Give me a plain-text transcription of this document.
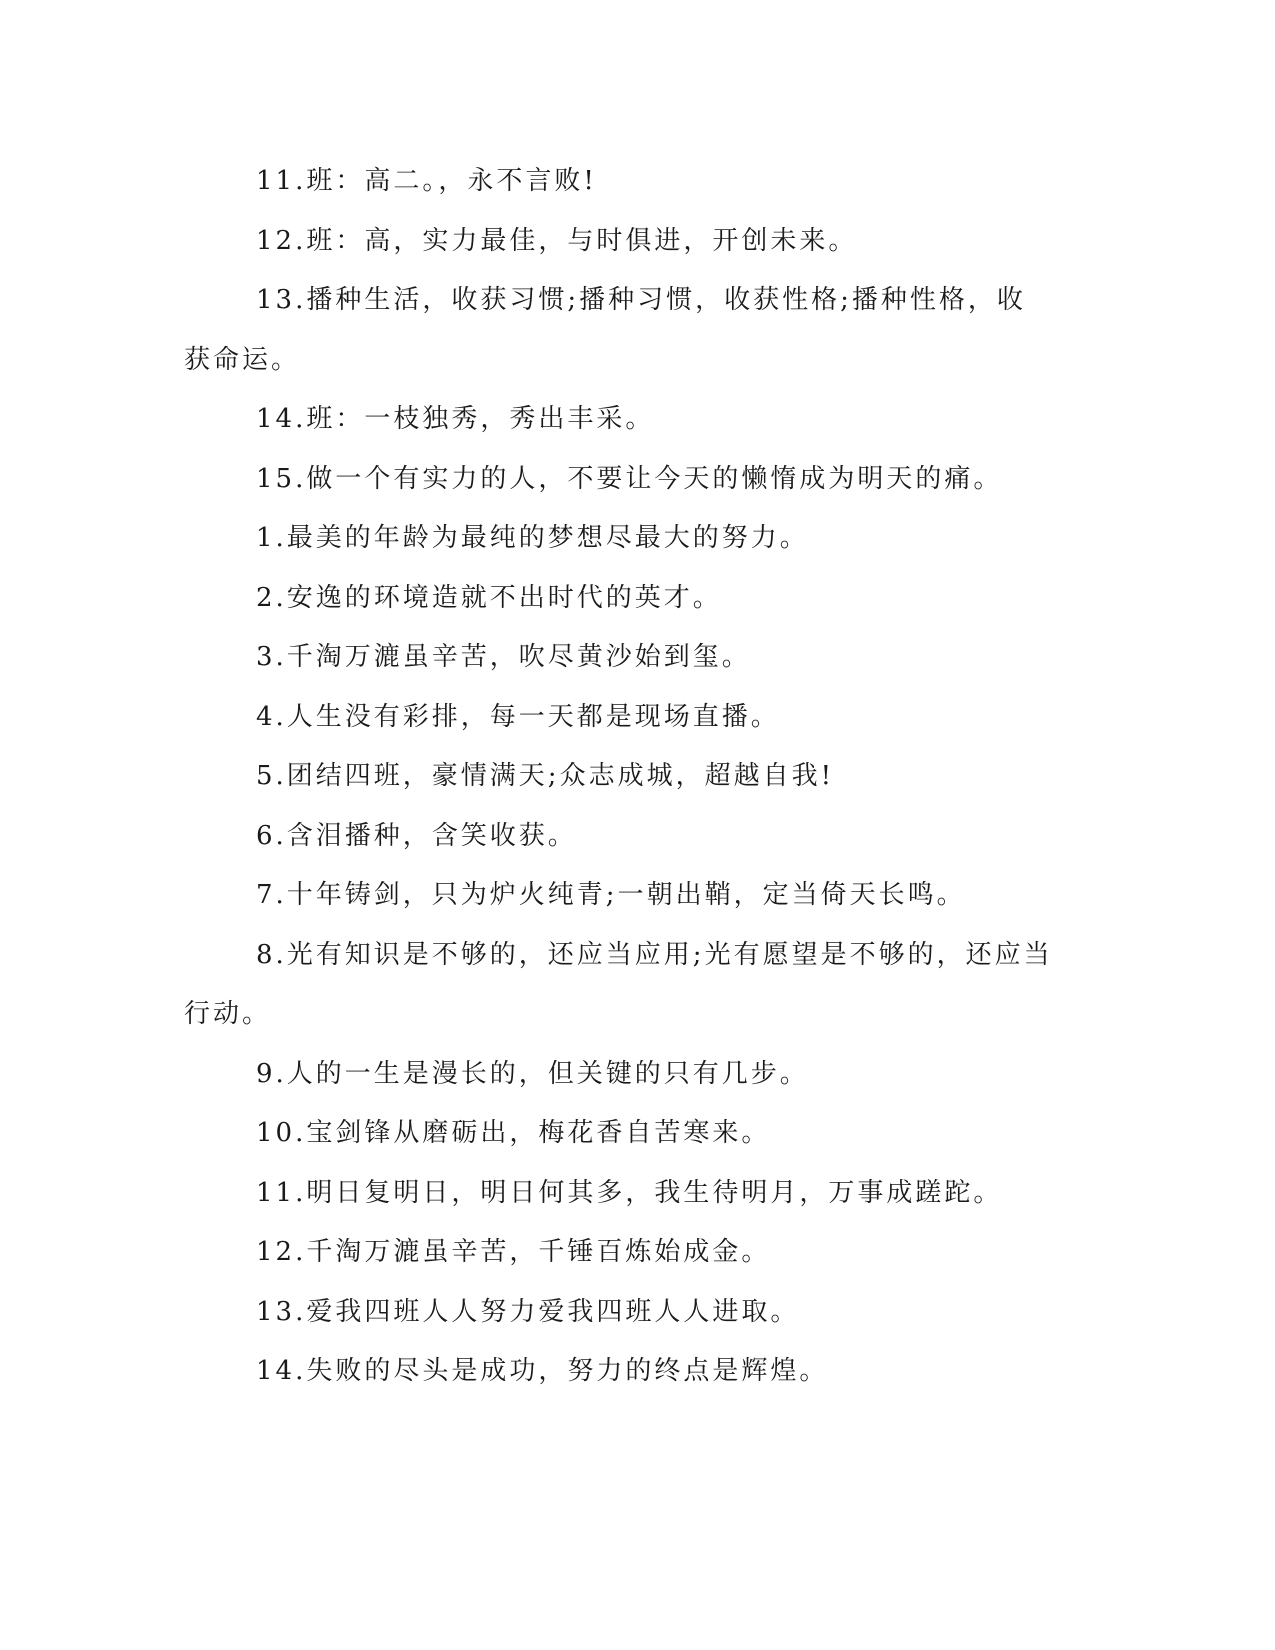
11.班：高二。，永不言败!

12.班：高，实力最佳，与时俱进，开创未来。

13.播种生活，收获习惯;播种习惯，收获性格;播种性格，收获命运。

14.班：一枝独秀，秀出丰采。

15.做一个有实力的人，不要让今天的懒惰成为明天的痛。

1.最美的年龄为最纯的梦想尽最大的努力。

2.安逸的环境造就不出时代的英才。

3.千淘万漉虽辛苦，吹尽黄沙始到玺。

4.人生没有彩排，每一天都是现场直播。

5.团结四班，豪情满天;众志成城，超越自我!

6.含泪播种，含笑收获。

7.十年铸剑，只为炉火纯青;一朝出鞘，定当倚天长鸣。

8.光有知识是不够的，还应当应用;光有愿望是不够的，还应当行动。

9.人的一生是漫长的，但关键的只有几步。

10.宝剑锋从磨砺出，梅花香自苦寒来。

11.明日复明日，明日何其多，我生待明月，万事成蹉跎。

12.千淘万漉虽辛苦，千锤百炼始成金。

13.爱我四班人人努力爱我四班人人进取。

14.失败的尽头是成功，努力的终点是辉煌。
